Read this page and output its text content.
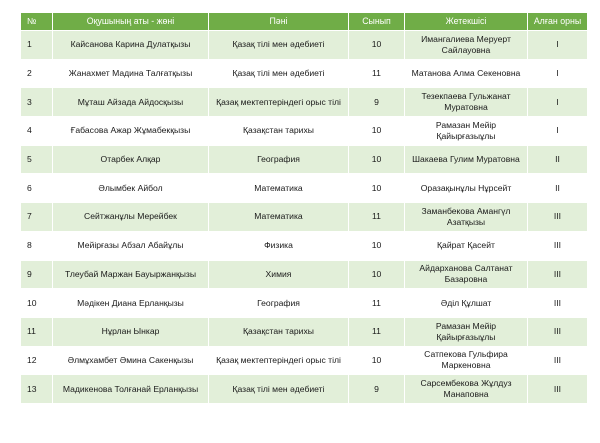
№	Оқушының аты - жөні	Пәні	Сынып	Жетекшісі	Алған орны
1	Кайсанова Карина Дулатқызы	Қазақ тілі мен әдебиеті	10	Имангалиева Меруерт Сайлауовна	I
2	Жанахмет Мадина Талғатқызы	Қазақ тілі мен әдебиеті	11	Матанова Алма Секеновна	I
3	Мұташ Айзада Айдосқызы	Қазақ мектептеріндегі орыс тілі	9	Тезекпаева Гульжанат Муратовна	I
4	Ғабасова Ажар Жұмабекқызы	Қазақстан тарихы	10	Рамазан Мейір Қайырғазыұлы	I
5	Отарбек Алқар	География	10	Шакаева Гулим Муратовна	II
6	Әлымбек Айбол	Математика	10	Оразақынұлы Нұрсейт	II
7	Сейтжанұлы Мерейбек	Математика	11	Заманбекова Амангүл Азатқызы	III
8	Мейірғазы Абзал Абайұлы	Физика	10	Қайрат Қасейт	III
9	Тлеубай Маржан Бауыржанқызы	Химия	10	Айдарханова Салтанат Базаровна	III
10	Мәдікен Диана Ерланқызы	География	11	Әділ Құлшат	III
11	Нұрлан Ынкар	Қазақстан тарихы	11	Рамазан Мейір Қайырғазыұлы	III
12	Әлмұхамбет Әмина Сакенқызы	Қазақ мектептеріндегі орыс тілі	10	Сатпекова Гульфира Маркеновна	III
13	Мадикенова Толғанай Ерланқызы	Қазақ тілі мен әдебиеті	9	Сарсембекова Жұлдуз Манаповна	III
